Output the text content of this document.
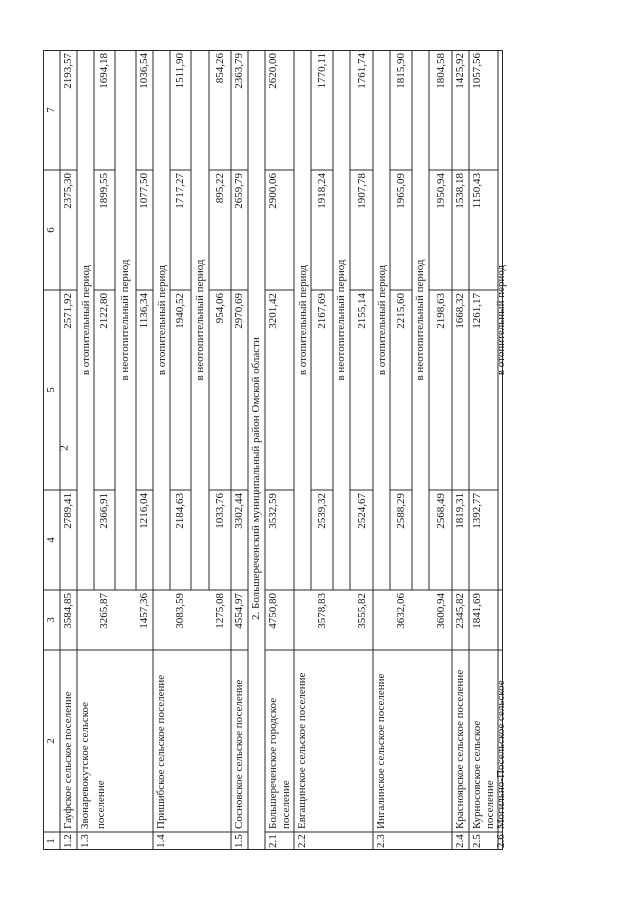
2
1
2
3
4
5
6
7
1.2
Гауфское сельское поселение
3584,85
2789,41
2571,92
2375,30
2193,57
1.3
Звонаревокутское сельское поселение
в отопительный период
3265,87
2366,91
2122,80
1899,55
1694,18
в неотопительный период
1457,36
1216,04
1136,34
1077,50
1036,54
1.4
Пришибское сельское поселение
в отопительный период
3083,59
2184,63
1940,52
1717,27
1511,90
в неотопительный период
1275,08
1033,76
954,06
895,22
854,26
1.5
Сосновское сельское поселение
4554,97
3302,44
2970,69
2659,79
2363,79
2. Большереченский муниципальный район Омской области
2.1
Большереченское городское поселение
4750,80
3532,59
3201,42
2900,06
2620,00
2.2
Евгащинское сельское поселение
в отопительный период
3578,83
2539,32
2167,69
1918,24
1770,11
в неотопительный период
3555,82
2524,67
2155,14
1907,78
1761,74
2.3
Ингалинское сельское поселение
в отопительный период
3632,06
2588,29
2215,60
1965,09
1815,90
в неотопительный период
3600,94
2568,49
2198,63
1950,94
1804,58
2.4
Красноярское сельское поселение
2345,82
1819,31
1668,32
1538,18
1425,92
2.5
Курносовское сельское поселение
1841,69
1392,77
1261,17
1150,43
1057,56
2.6
Могильно-Посельское сельское
в отопительный период
